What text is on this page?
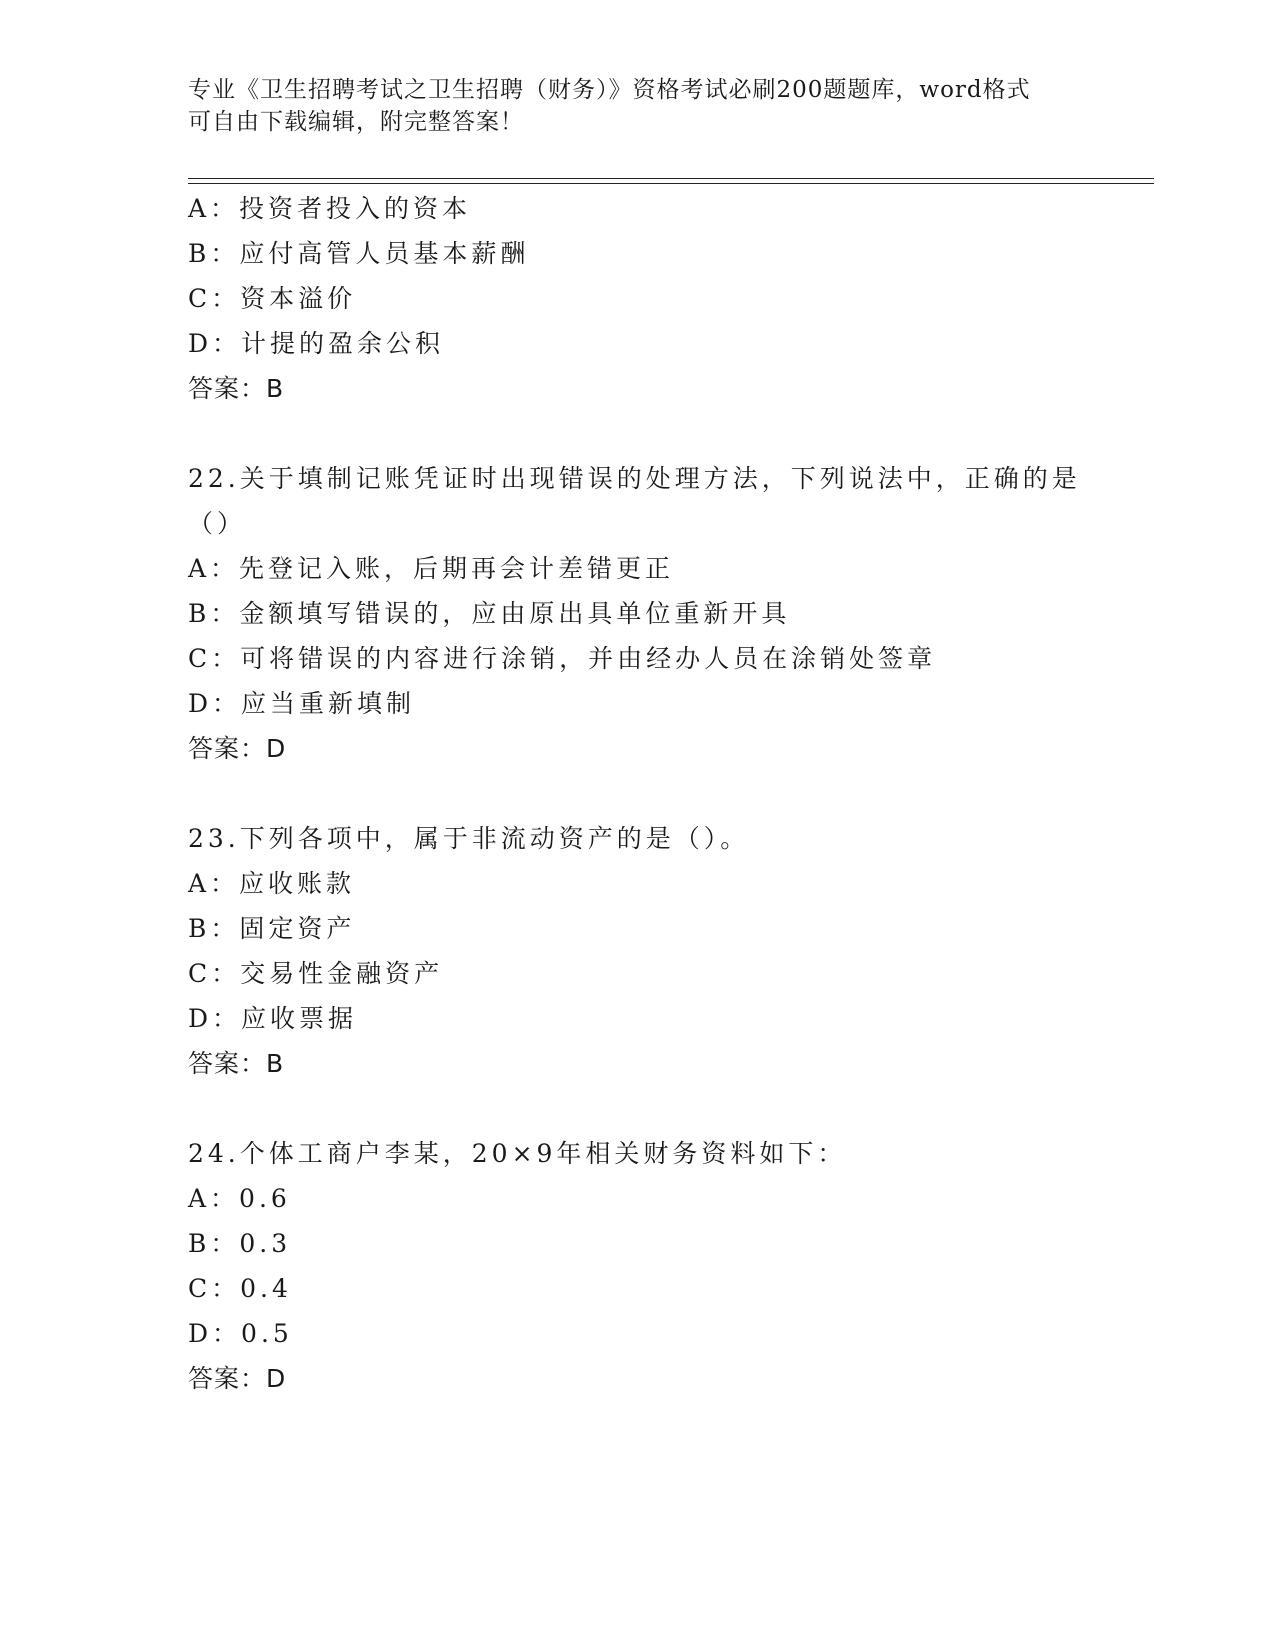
专业《卫生招聘考试之卫生招聘（财务）》资格考试必刷200题题库，word格式
可自由下载编辑，附完整答案！
A：投资者投入的资本
B：应付高管人员基本薪酬
C：资本溢价
D：计提的盈余公积
答案：B
22.关于填制记账凭证时出现错误的处理方法，下列说法中，正确的是
（）
A：先登记入账，后期再会计差错更正
B：金额填写错误的，应由原出具单位重新开具
C：可将错误的内容进行涂销，并由经办人员在涂销处签章
D：应当重新填制
答案：D
23.下列各项中，属于非流动资产的是（）。
A：应收账款
B：固定资产
C：交易性金融资产
D：应收票据
答案：B
24.个体工商户李某，20×9年相关财务资料如下：
A：0.6
B：0.3
C：0.4
D：0.5
答案：D
